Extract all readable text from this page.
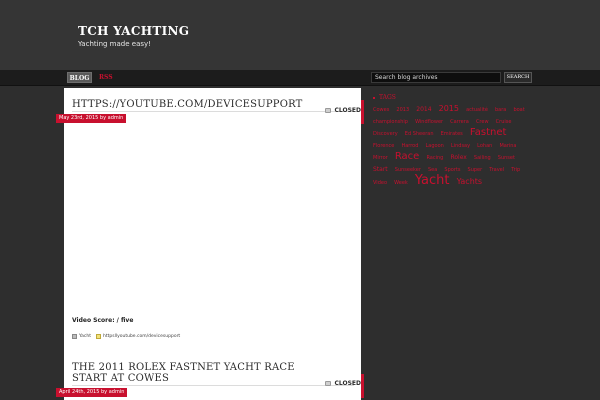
TCH YACHTING
Yachting made easy!
BLOG	RSS
Search blog archives	SEARCH
HTTPS://YOUTUBE.COM/DEVICESUPPORT
May 23rd, 2015 by admin
CLOSED
Video Score: / five
Yacht	httpsllyoutube.com/devicesupport
THE 2011 ROLEX FASTNET YACHT RACE
START AT COWES
April 24th, 2015 by admin
CLOSED
TAGS
Cowes 2013 2014 2015 actualité bara boat championship Windflower Carrera Crew Cruise Discovery Ed Sheeran Emirates Fastnet Florence Harrod Lagoon Lindsay Lohan Marina Mirror Race Racing Rolex Sailing Sunset Start Sunseeker Sea Sports Super Travel Trip Video Week Yacht Yachts
